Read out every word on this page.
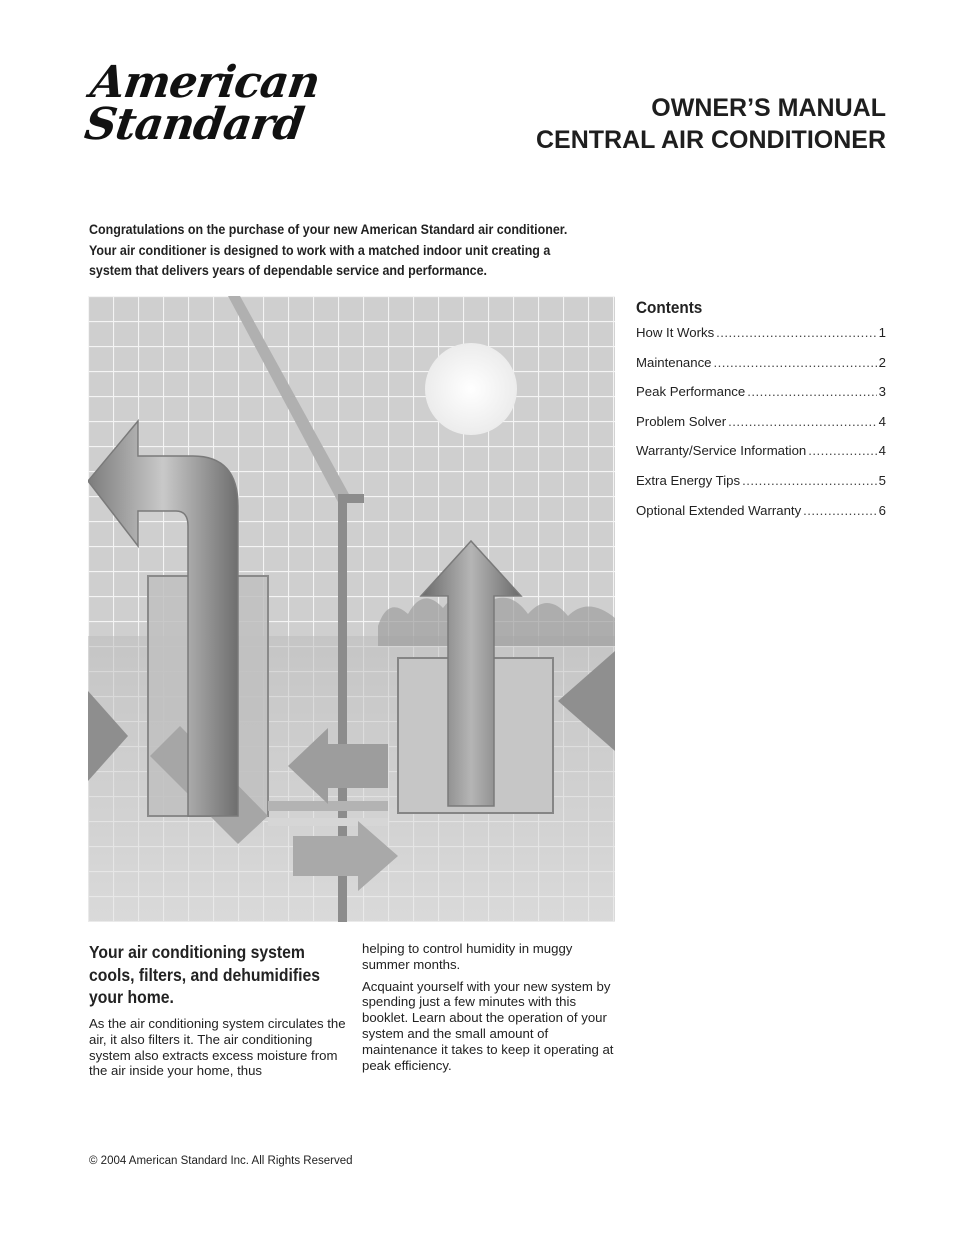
American
Standard	OWNER’S MANUAL
CENTRAL AIR CONDITIONER
Congratulations on the purchase of your new American Standard air conditioner. Your air conditioner is designed to work with a matched indoor unit creating a system that delivers years of dependable service and performance.
Contents
How It Works . . .	1
Maintenance . . .	2
Peak Performance . . .	3
Problem Solver . . .	4
Warranty/Service Information . . .	4
Extra Energy Tips . . .	5
Optional Extended Warranty . . .	6
Your air conditioning system cools, filters, and dehumidifies your home.

As the air conditioning system circulates the air, it also filters it. The air conditioning system also extracts excess moisture from the air inside your home, thus

helping to control humidity in muggy summer months.

Acquaint yourself with your new system by spending just a few minutes with this booklet. Learn about the operation of your system and the small amount of maintenance it takes to keep it operating at peak efficiency.

© 2004 American Standard Inc. All Rights Reserved
